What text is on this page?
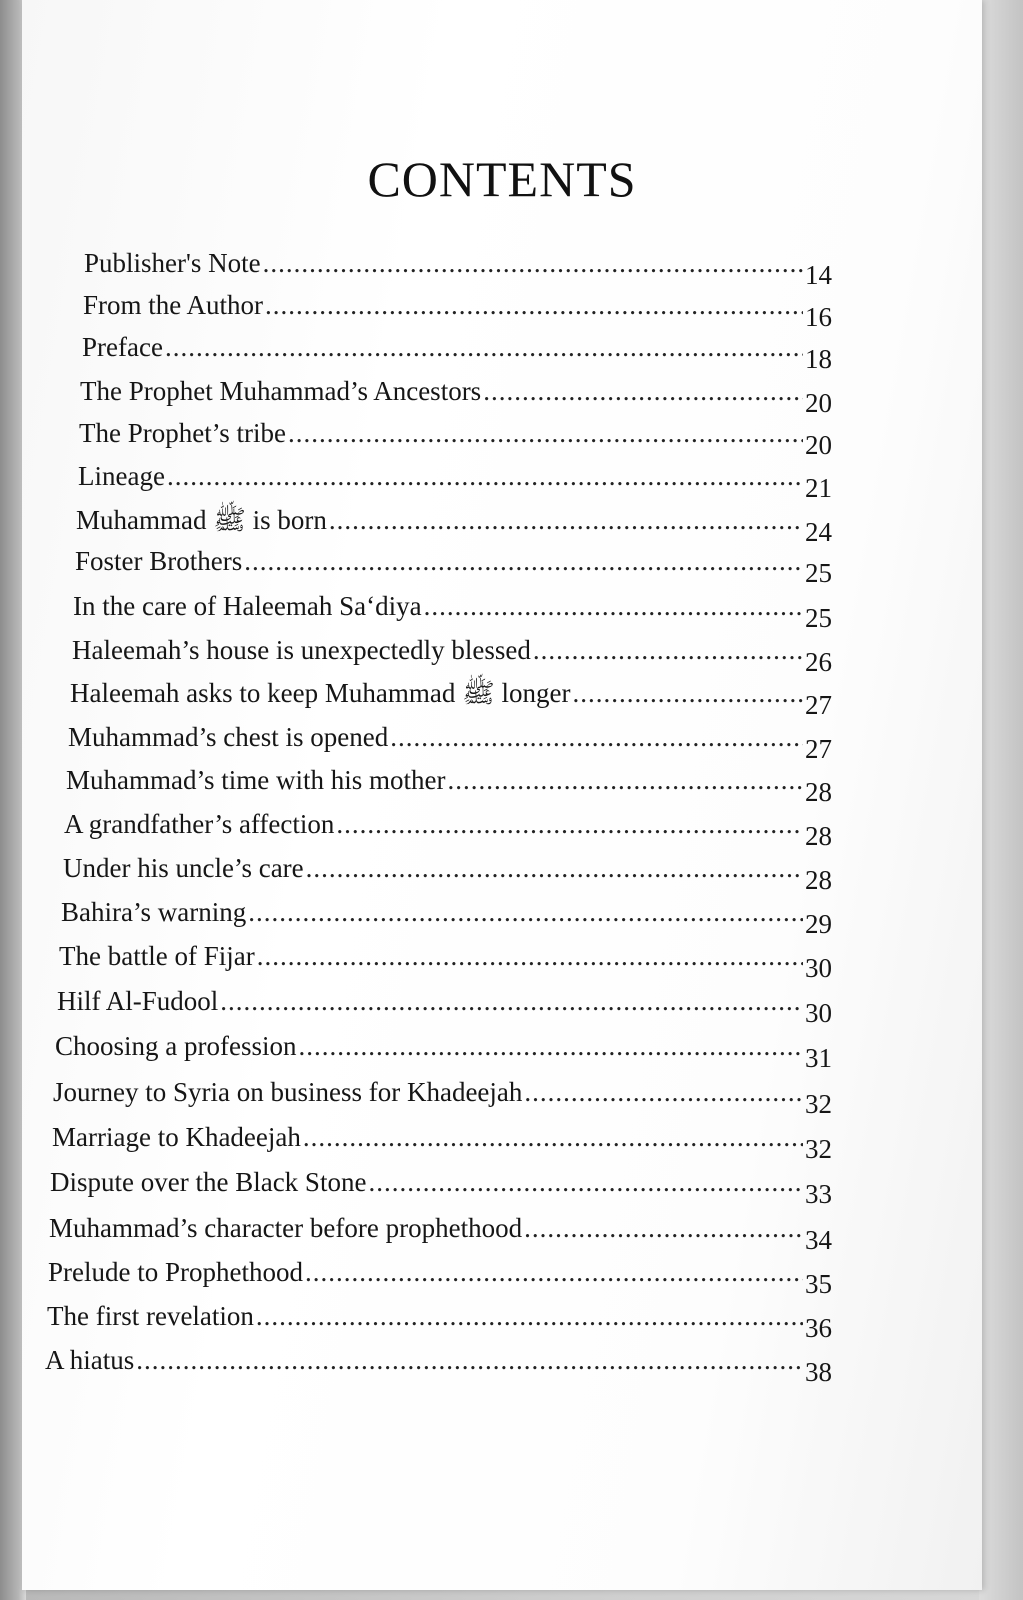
CONTENTS
Publisher's Note .....	14
From the Author .....	16
Preface .....	18
The Prophet Muhammad’s Ancestors .....	20
The Prophet’s tribe .....	20
Lineage .....	21
Muhammad ﷺ is born .....	24
Foster Brothers .....	25
In the care of Haleemah Sa‘diya .....	25
Haleemah’s house is unexpectedly blessed .....	26
Haleemah asks to keep Muhammad ﷺ longer .....	27
Muhammad’s chest is opened .....	27
Muhammad’s time with his mother .....	28
A grandfather’s affection .....	28
Under his uncle’s care .....	28
Bahira’s warning .....	29
The battle of Fijar .....	30
Hilf Al-Fudool .....	30
Choosing a profession .....	31
Journey to Syria on business for Khadeejah .....	32
Marriage to Khadeejah .....	32
Dispute over the Black Stone .....	33
Muhammad’s character before prophethood .....	34
Prelude to Prophethood .....	35
The first revelation .....	36
A hiatus .....	38
